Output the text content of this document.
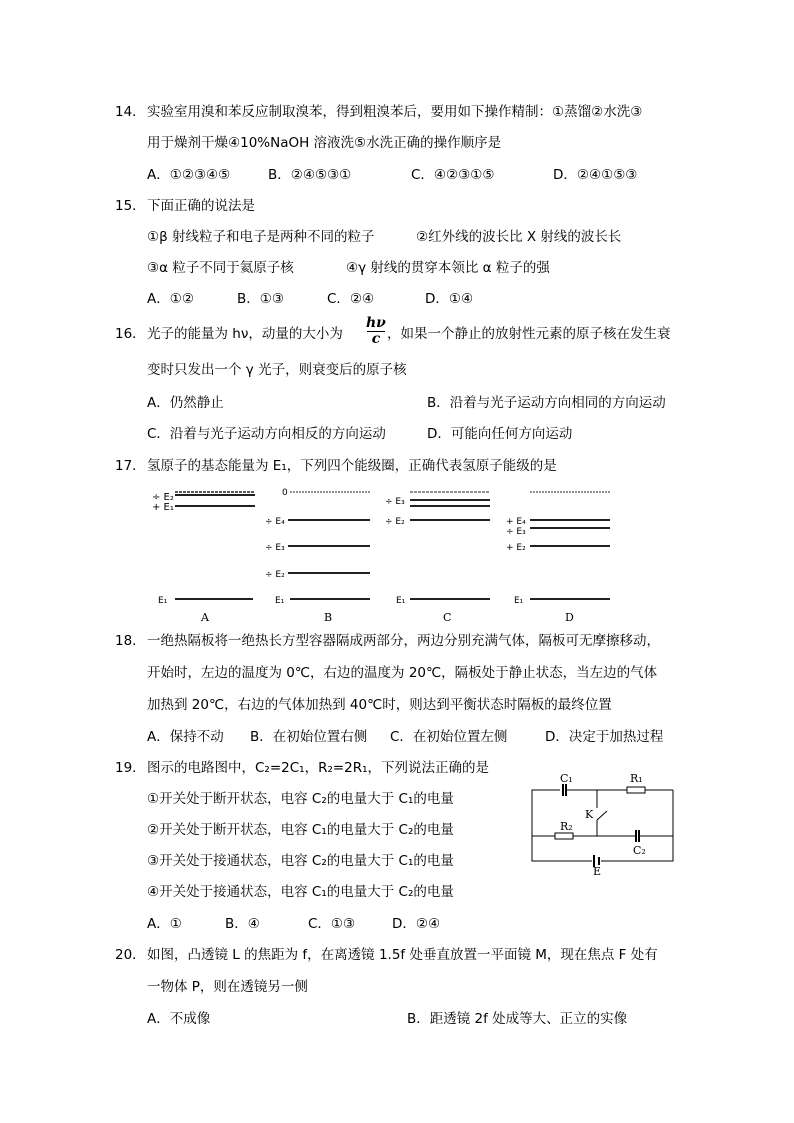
14． 实验室用溴和苯反应制取溴苯，得到粗溴苯后，要用如下操作精制：①蒸馏②水洗③
用于燥剂干燥④10%NaOH 溶液洗⑤水洗正确的操作顺序是
A．①②③④⑤	B．②④⑤③①	C．④②③①⑤	D．②④①⑤③
15． 下面正确的说法是
①β 射线粒子和电子是两种不同的粒子	②红外线的波长比 X 射线的波长长
③α 粒子不同于氦原子核	④γ 射线的贯穿本领比 α 粒子的强
A．①②	B．①③	C．②④	D．①④
16． 光子的能量为 hν，动量的大小为
hν
c ，如果一个静止的放射性元素的原子核在发生衰
变时只发出一个 γ 光子，则衰变后的原子核
A．仍然静止	B．沿着与光子运动方向相同的方向运动
C．沿着与光子运动方向相反的方向运动	D．可能向任何方向运动
17． 氢原子的基态能量为 E₁，下列四个能级圈，正确代表氢原子能级的是
÷ E₂
+ E₁
E₁
0
÷ E₄
÷ E₃
÷ E₂
E₁
÷ E₃
÷ E₂
E₁
+ E₄
÷ E₃
+ E₂
E₁
A	B	C	D
18． 一绝热隔板将一绝热长方型容器隔成两部分，两边分别充满气体，隔板可无摩擦移动，
开始时，左边的温度为 0℃，右边的温度为 20℃，隔板处于静止状态，当左边的气体
加热到 20℃，右边的气体加热到 40℃时，则达到平衡状态时隔板的最终位置
A．保持不动 B．在初始位置右侧 C．在初始位置左侧	D．决定于加热过程
19． 图示的电路图中，C₂=2C₁，R₂=2R₁，下列说法正确的是
①开关处于断开状态，电容 C₂的电量大于 C₁的电量
②开关处于断开状态，电容 C₁的电量大于 C₂的电量
③开关处于接通状态，电容 C₂的电量大于 C₁的电量
④开关处于接通状态，电容 C₁的电量大于 C₂的电量
A．①	B．④	C．①③	D．②④
C₁	R₁
K
R₂
C₂
E
20． 如图，凸透镜 L 的焦距为 f，在离透镜 1.5f 处垂直放置一平面镜 M，现在焦点 F 处有
一物体 P，则在透镜另一侧
A．不成像	B．距透镜 2f 处成等大、正立的实像
